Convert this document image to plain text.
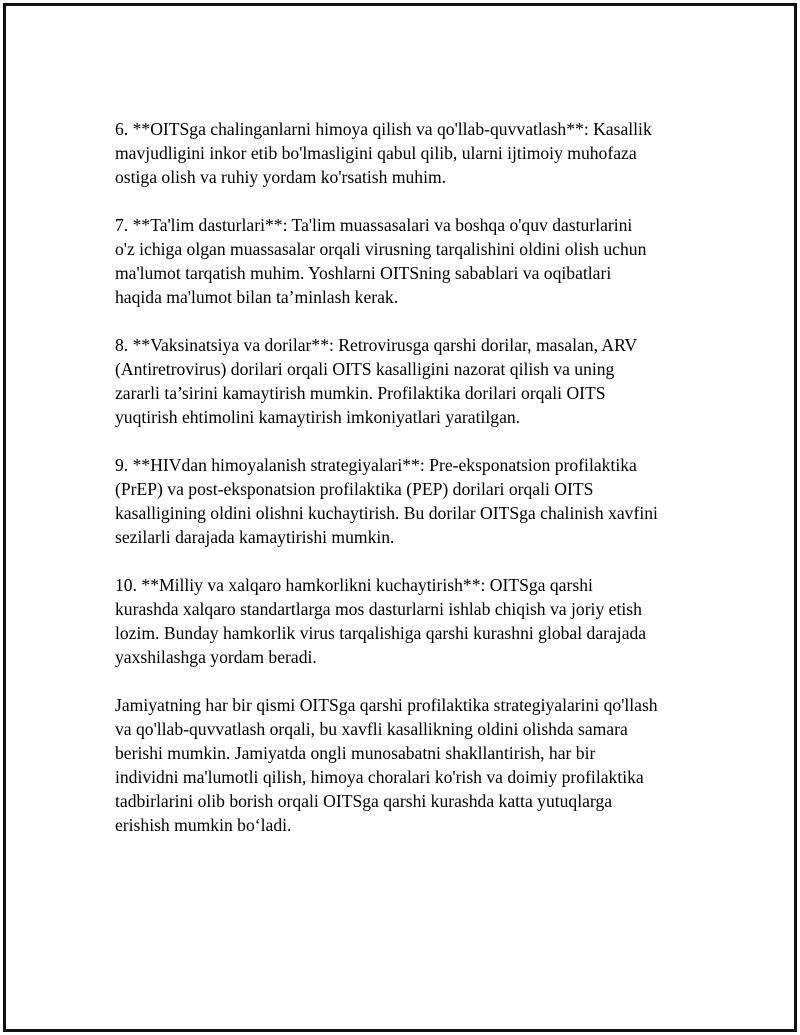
6. **OITSga chalinganlarni himoya qilish va qo'llab-quvvatlash**: Kasallik
mavjudligini inkor etib bo'lmasligini qabul qilib, ularni ijtimoiy muhofaza
ostiga olish va ruhiy yordam ko'rsatish muhim.

7. **Ta'lim dasturlari**: Ta'lim muassasalari va boshqa o'quv dasturlarini
o'z ichiga olgan muassasalar orqali virusning tarqalishini oldini olish uchun
ma'lumot tarqatish muhim. Yoshlarni OITSning sabablari va oqibatlari
haqida ma'lumot bilan ta’minlash kerak.

8. **Vaksinatsiya va dorilar**: Retrovirusga qarshi dorilar, masalan, ARV
(Antiretrovirus) dorilari orqali OITS kasalligini nazorat qilish va uning
zararli ta’sirini kamaytirish mumkin. Profilaktika dorilari orqali OITS
yuqtirish ehtimolini kamaytirish imkoniyatlari yaratilgan.

9. **HIVdan himoyalanish strategiyalari**: Pre-eksponatsion profilaktika
(PrEP) va post-eksponatsion profilaktika (PEP) dorilari orqali OITS
kasalligining oldini olishni kuchaytirish. Bu dorilar OITSga chalinish xavfini
sezilarli darajada kamaytirishi mumkin.

10. **Milliy va xalqaro hamkorlikni kuchaytirish**: OITSga qarshi
kurashda xalqaro standartlarga mos dasturlarni ishlab chiqish va joriy etish
lozim. Bunday hamkorlik virus tarqalishiga qarshi kurashni global darajada
yaxshilashga yordam beradi.

Jamiyatning har bir qismi OITSga qarshi profilaktika strategiyalarini qo'llash
va qo'llab-quvvatlash orqali, bu xavfli kasallikning oldini olishda samara
berishi mumkin. Jamiyatda ongli munosabatni shakllantirish, har bir
individni ma'lumotli qilish, himoya choralari ko'rish va doimiy profilaktika
tadbirlarini olib borish orqali OITSga qarshi kurashda katta yutuqlarga
erishish mumkin bo‘ladi.
